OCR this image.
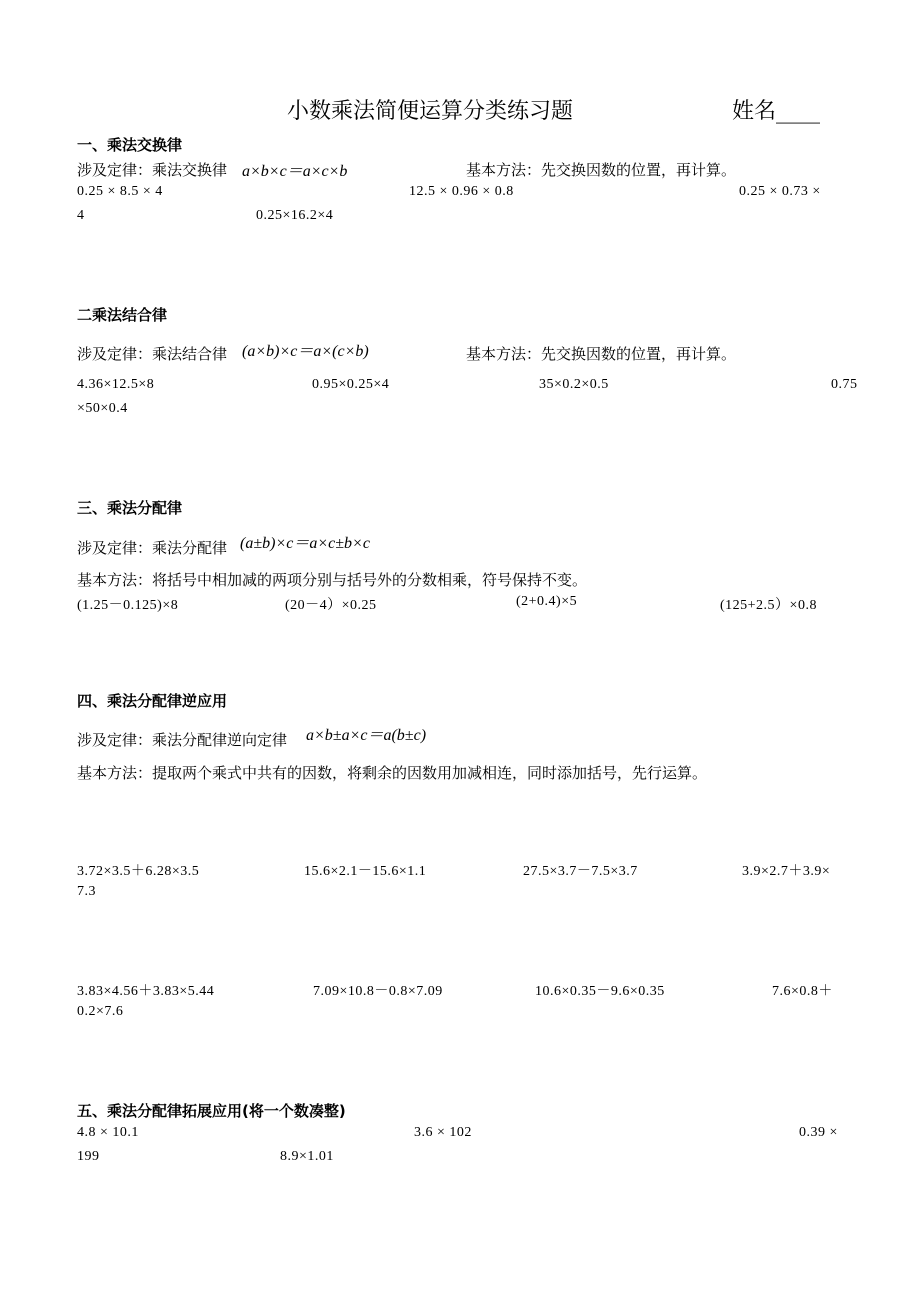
小数乘法简便运算分类练习题	姓名____
一、乘法交换律
涉及定律：乘法交换律 a×b×c＝a×c×b	基本方法：先交换因数的位置，再计算。
0.25 × 8.5 × 4	12.5 × 0.96 × 0.8	0.25 × 0.73 ×
4	0.25×16.2×4
二乘法结合律
涉及定律：乘法结合律 (a×b)×c＝a×(c×b)	基本方法：先交换因数的位置，再计算。
4.36×12.5×8	0.95×0.25×4	35×0.2×0.5	0.75
×50×0.4
三、乘法分配律
涉及定律：乘法分配律 (a±b)×c＝a×c±b×c
基本方法：将括号中相加减的两项分别与括号外的分数相乘，符号保持不变。
(1.25－0.125)×8	(20－4）×0.25	(2+0.4)×5	(125+2.5）×0.8
四、乘法分配律逆应用
涉及定律：乘法分配律逆向定律 a×b±a×c＝a(b±c)
基本方法：提取两个乘式中共有的因数，将剩余的因数用加减相连，同时添加括号，先行运算。
3.72×3.5＋6.28×3.5	15.6×2.1－15.6×1.1	27.5×3.7－7.5×3.7	3.9×2.7＋3.9×
7.3
3.83×4.56＋3.83×5.44	7.09×10.8－0.8×7.09	10.6×0.35－9.6×0.35	7.6×0.8＋
0.2×7.6
五、乘法分配律拓展应用(将一个数凑整)
4.8 × 10.1	3.6 × 102	0.39 ×
199	8.9×1.01
